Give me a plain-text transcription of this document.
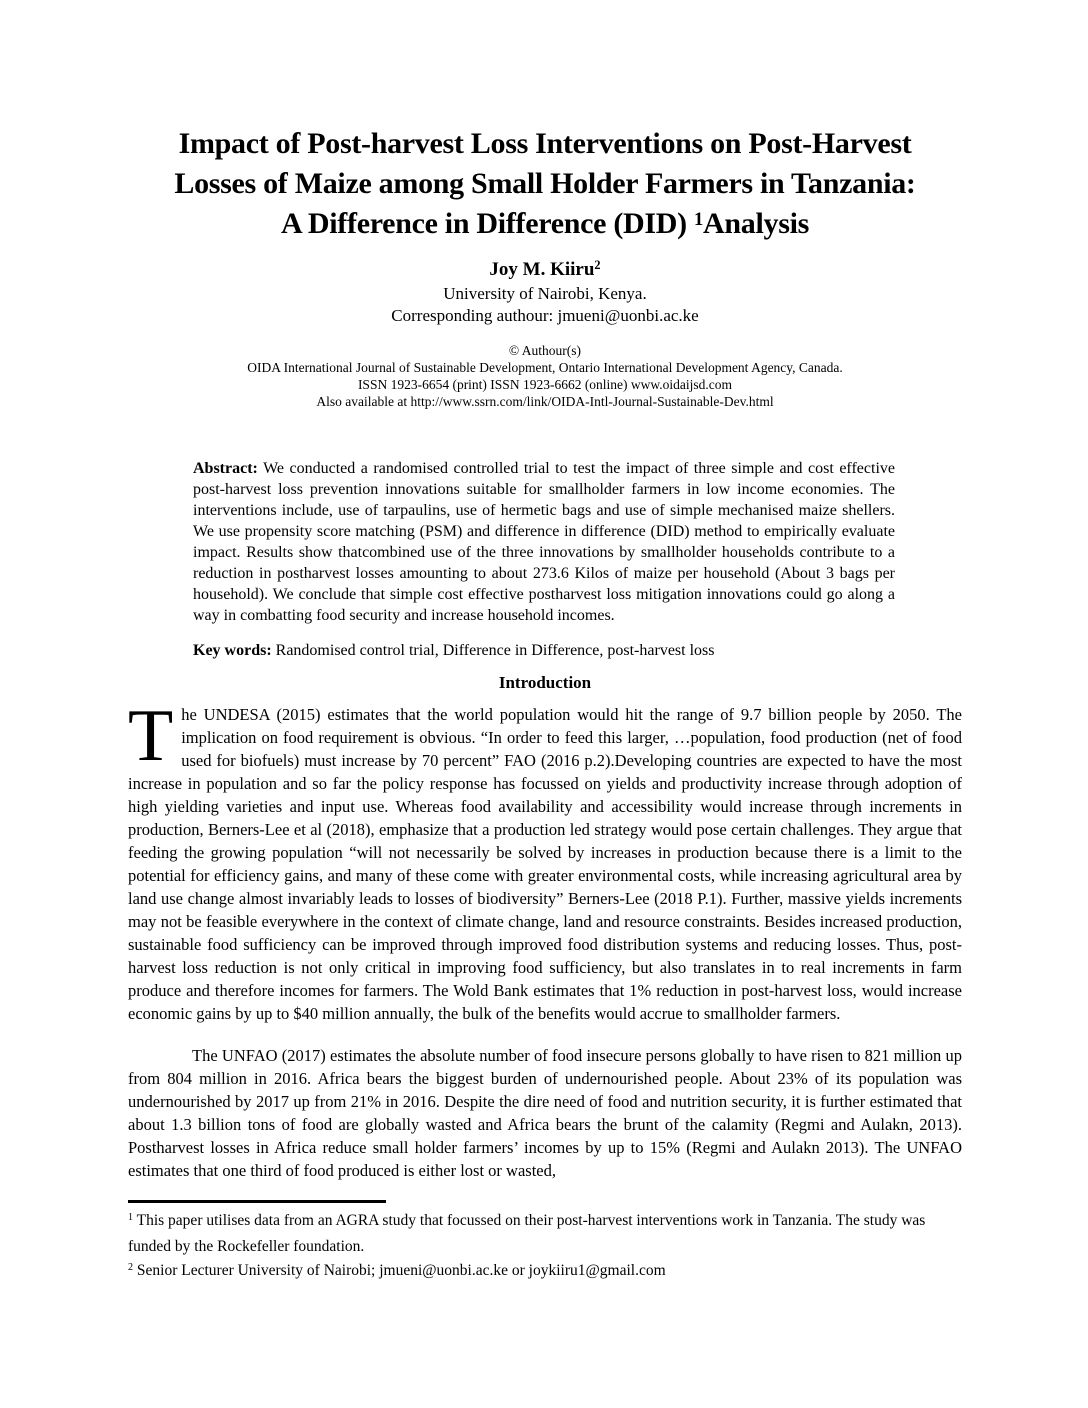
Impact of Post-harvest Loss Interventions on Post-Harvest
Losses of Maize among Small Holder Farmers in Tanzania:
A Difference in Difference (DID) $^1$Analysis
Joy M. Kiiru$^2$
University of Nairobi, Kenya.
Corresponding authour: jmueni@uonbi.ac.ke
© Authour(s)
OIDA International Journal of Sustainable Development, Ontario International Development Agency, Canada.
ISSN 1923-6654 (print) ISSN 1923-6662 (online) www.oidaijsd.com
Also available at http://www.ssrn.com/link/OIDA-Intl-Journal-Sustainable-Dev.html
Abstract: We conducted a randomised controlled trial to test the impact of three simple and cost effective post-harvest loss prevention innovations suitable for smallholder farmers in low income economies. The interventions include, use of tarpaulins, use of hermetic bags and use of simple mechanised maize shellers. We use propensity score matching (PSM) and difference in difference (DID) method to empirically evaluate impact. Results show thatcombined use of the three innovations by smallholder households contribute to a reduction in postharvest losses amounting to about 273.6 Kilos of maize per household (About 3 bags per household). We conclude that simple cost effective postharvest loss mitigation innovations could go along a way in combatting food security and increase household incomes.
Key words: Randomised control trial, Difference in Difference, post-harvest loss
Introduction
The UNDESA (2015) estimates that the world population would hit the range of 9.7 billion people by 2050. The implication on food requirement is obvious. “In order to feed this larger, …population, food production (net of food used for biofuels) must increase by 70 percent” FAO (2016 p.2).Developing countries are expected to have the most increase in population and so far the policy response has focussed on yields and productivity increase through adoption of high yielding varieties and input use. Whereas food availability and accessibility would increase through increments in production, Berners-Lee et al (2018), emphasize that a production led strategy would pose certain challenges. They argue that feeding the growing population “will not necessarily be solved by increases in production because there is a limit to the potential for efficiency gains, and many of these come with greater environmental costs, while increasing agricultural area by land use change almost invariably leads to losses of biodiversity” Berners-Lee (2018 P.1). Further, massive yields increments may not be feasible everywhere in the context of climate change, land and resource constraints. Besides increased production, sustainable food sufficiency can be improved through improved food distribution systems and reducing losses. Thus, post-harvest loss reduction is not only critical in improving food sufficiency, but also translates in to real increments in farm produce and therefore incomes for farmers. The Wold Bank estimates that 1% reduction in post-harvest loss, would increase economic gains by up to $40 million annually, the bulk of the benefits would accrue to smallholder farmers.
The UNFAO (2017) estimates the absolute number of food insecure persons globally to have risen to 821 million up from 804 million in 2016. Africa bears the biggest burden of undernourished people. About 23% of its population was undernourished by 2017 up from 21% in 2016. Despite the dire need of food and nutrition security, it is further estimated that about 1.3 billion tons of food are globally wasted and Africa bears the brunt of the calamity (Regmi and Aulakn, 2013). Postharvest losses in Africa reduce small holder farmers’ incomes by up to 15% (Regmi and Aulakn 2013). The UNFAO estimates that one third of food produced is either lost or wasted,
$^1$ This paper utilises data from an AGRA study that focussed on their post-harvest interventions work in Tanzania. The study was funded by the Rockefeller foundation.
$^2$ Senior Lecturer University of Nairobi; jmueni@uonbi.ac.ke or joykiiru1@gmail.com
